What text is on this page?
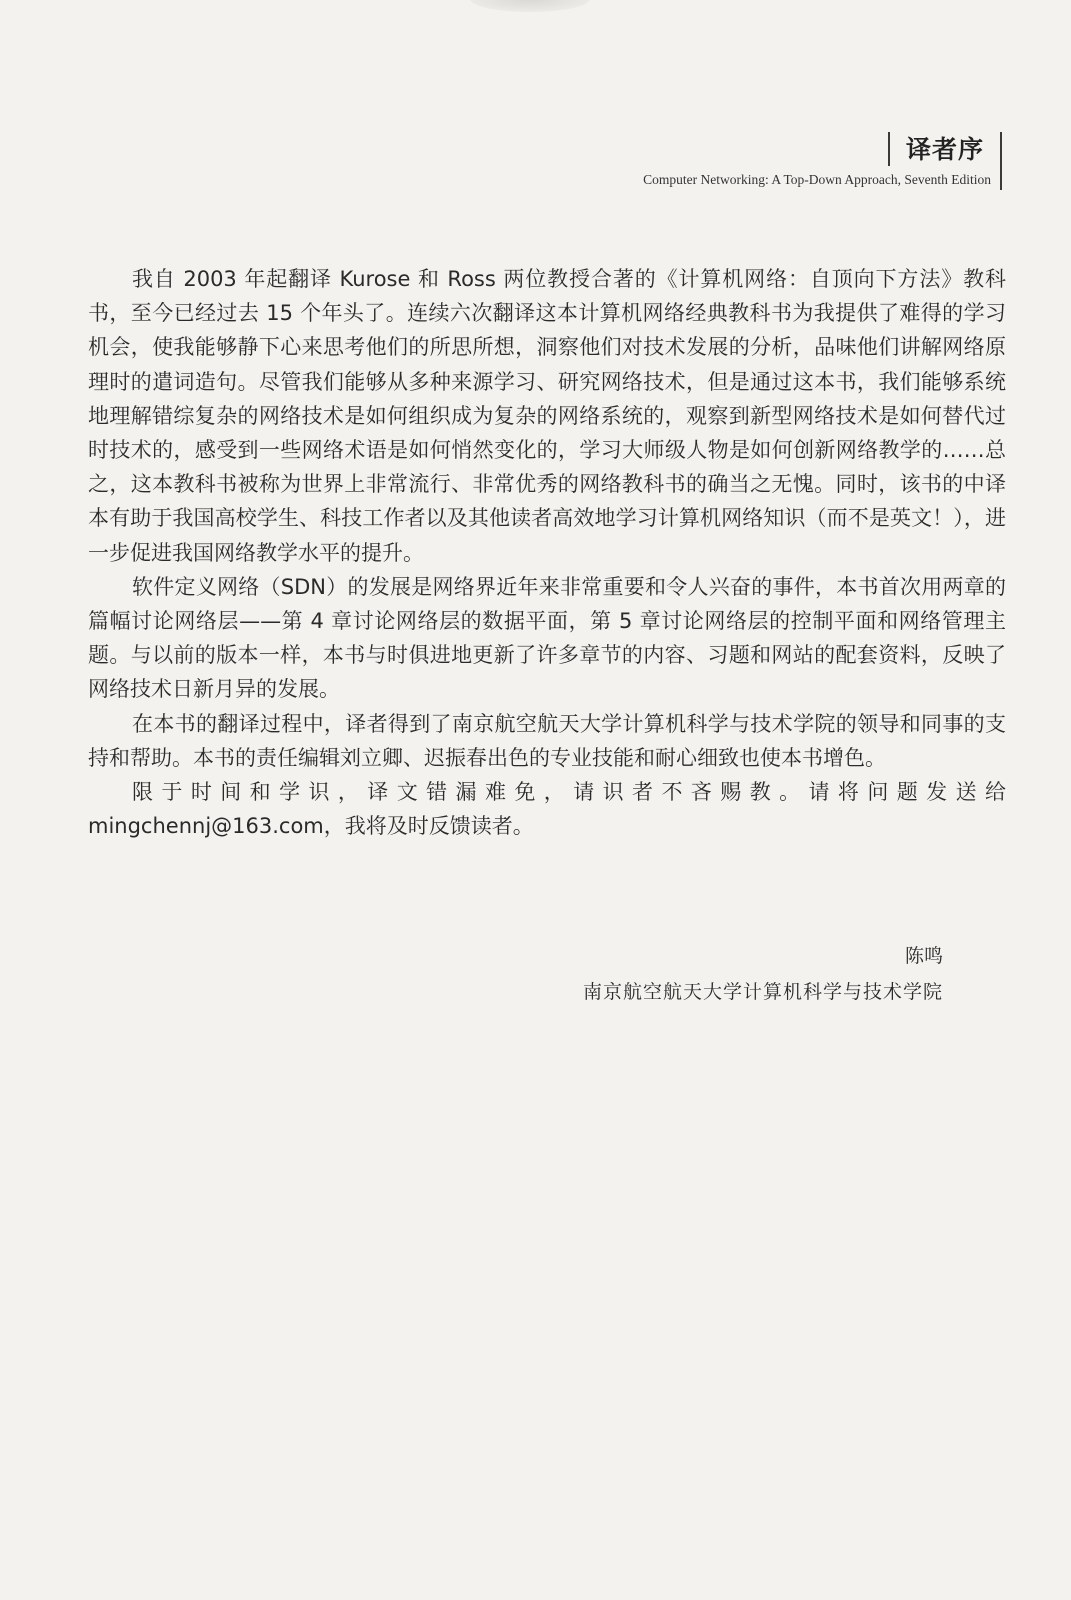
译者序
Computer Networking: A Top-Down Approach, Seventh Edition

我自 2003 年起翻译 Kurose 和 Ross 两位教授合著的《计算机网络：自顶向下方法》教科书，至今已经过去 15 个年头了。连续六次翻译这本计算机网络经典教科书为我提供了难得的学习机会，使我能够静下心来思考他们的所思所想，洞察他们对技术发展的分析，品味他们讲解网络原理时的遣词造句。尽管我们能够从多种来源学习、研究网络技术，但是通过这本书，我们能够系统地理解错综复杂的网络技术是如何组织成为复杂的网络系统的，观察到新型网络技术是如何替代过时技术的，感受到一些网络术语是如何悄然变化的，学习大师级人物是如何创新网络教学的……总之，这本教科书被称为世界上非常流行、非常优秀的网络教科书的确当之无愧。同时，该书的中译本有助于我国高校学生、科技工作者以及其他读者高效地学习计算机网络知识（而不是英文！），进一步促进我国网络教学水平的提升。

软件定义网络（SDN）的发展是网络界近年来非常重要和令人兴奋的事件，本书首次用两章的篇幅讨论网络层——第 4 章讨论网络层的数据平面，第 5 章讨论网络层的控制平面和网络管理主题。与以前的版本一样，本书与时俱进地更新了许多章节的内容、习题和网站的配套资料，反映了网络技术日新月异的发展。

在本书的翻译过程中，译者得到了南京航空航天大学计算机科学与技术学院的领导和同事的支持和帮助。本书的责任编辑刘立卿、迟振春出色的专业技能和耐心细致也使本书增色。

限于时间和学识，译文错漏难免，请识者不吝赐教。请将问题发送给 mingchennj@163.com，我将及时反馈读者。

陈鸣
南京航空航天大学计算机科学与技术学院
